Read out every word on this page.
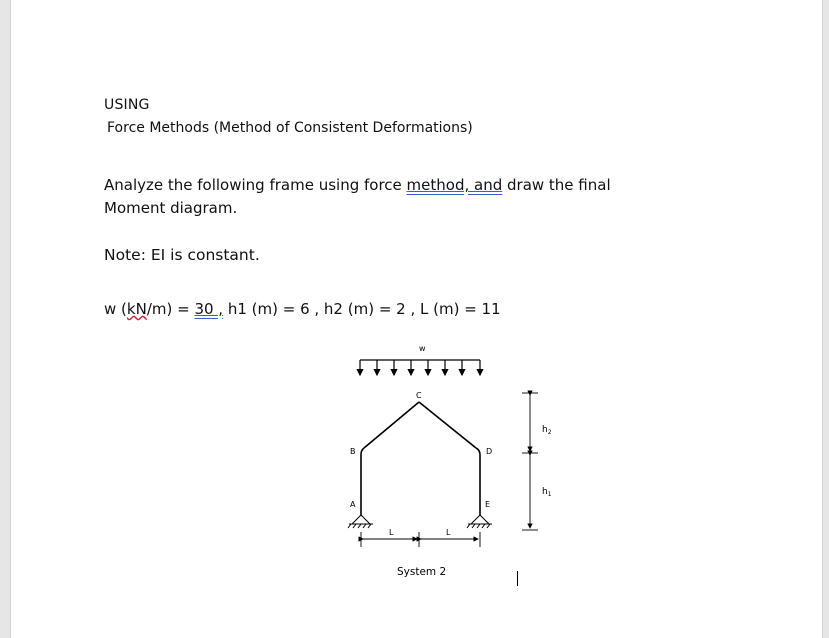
USING
Force Methods (Method of Consistent Deformations)
Analyze the following frame using force method, and draw the final
Moment diagram.
Note: EI is constant.
w (kN/m) = 30 , h1 (m) = 6 , h2 (m) = 2 , L (m) = 11
w
C
B	D
A	E
L	L
$h_2$
$h_1$
System 2
